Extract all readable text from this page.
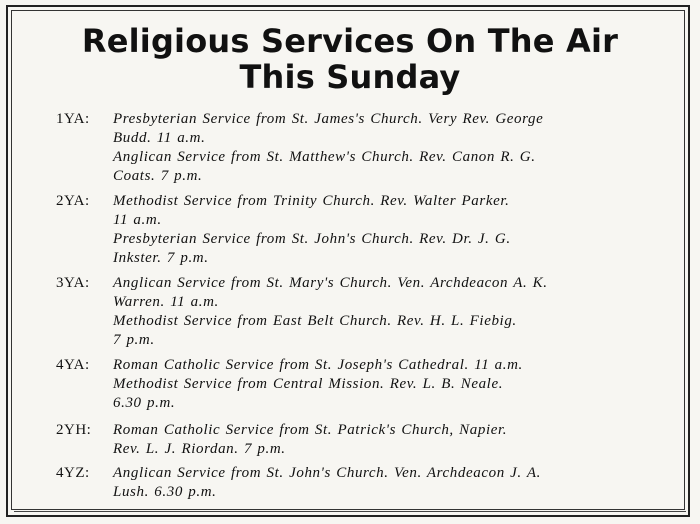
Religious Services On The Air
This Sunday
1YA:	Presbyterian Service from St. James's Church. Very Rev. George
Budd. 11 a.m.
Anglican Service from St. Matthew's Church. Rev. Canon R. G.
Coats. 7 p.m.
2YA:	Methodist Service from Trinity Church. Rev. Walter Parker.
11 a.m.
Presbyterian Service from St. John's Church. Rev. Dr. J. G.
Inkster. 7 p.m.
3YA:	Anglican Service from St. Mary's Church. Ven. Archdeacon A. K.
Warren. 11 a.m.
Methodist Service from East Belt Church. Rev. H. L. Fiebig.
7 p.m.
4YA:	Roman Catholic Service from St. Joseph's Cathedral. 11 a.m.
Methodist Service from Central Mission. Rev. L. B. Neale.
6.30 p.m.
2YH:	Roman Catholic Service from St. Patrick's Church, Napier.
Rev. L. J. Riordan. 7 p.m.
4YZ:	Anglican Service from St. John's Church. Ven. Archdeacon J. A.
Lush. 6.30 p.m.
